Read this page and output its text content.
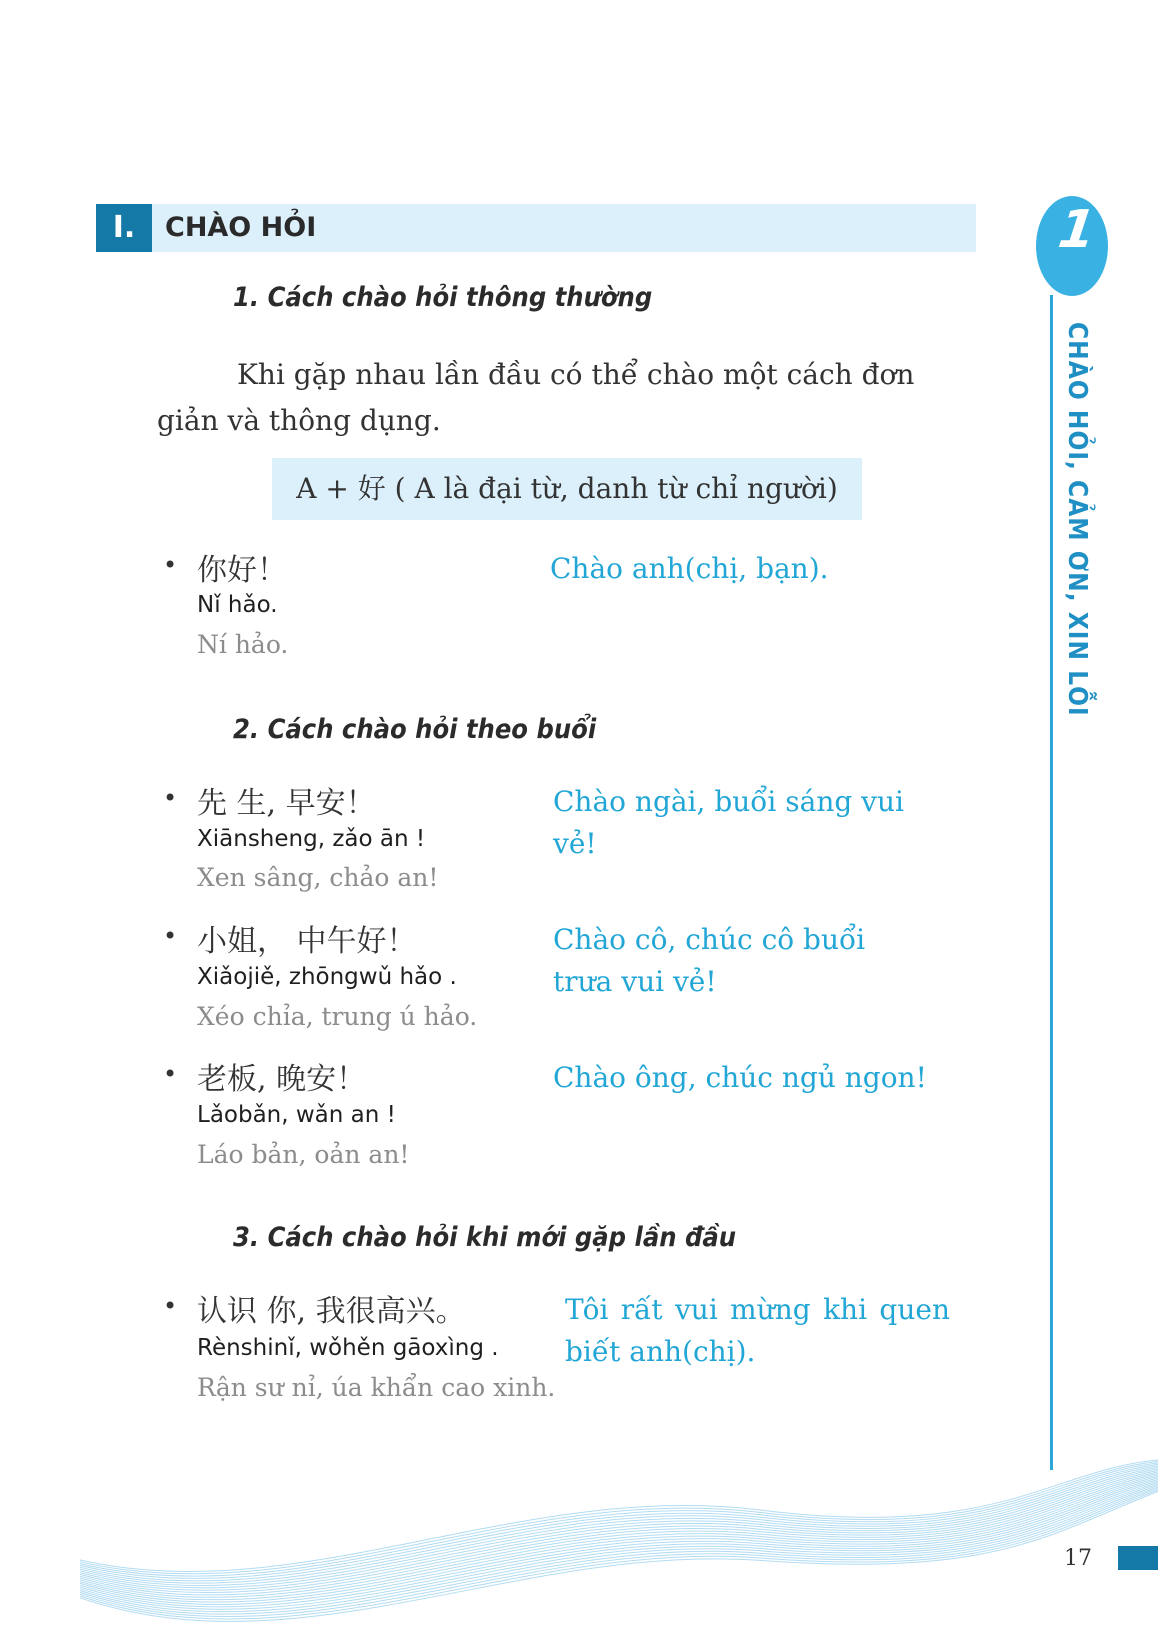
I.	CHÀO HỎI
1. Cách chào hỏi thông thường
Khi gặp nhau lần đầu có thể chào một cách đơn giản và thông dụng.
A + 好 ( A là đại từ, danh từ chỉ người)
• 你好！
Nǐ hǎo.
Ní hảo.
Chào anh(chị, bạn).
2. Cách chào hỏi theo buổi
• 先 生, 早安！
Xiānsheng, zǎo ān !
Xen sâng, chảo an!
Chào ngài, buổi sáng vui vẻ!
• 小姐， 中午好！
Xiǎojiě, zhōngwǔ hǎo .
Xéo chỉa, trung ú hảo.
Chào cô, chúc cô buổi trưa vui vẻ!
• 老板, 晚安！
Lǎobǎn, wǎn an !
Láo bản, oản an!
Chào ông, chúc ngủ ngon!
3. Cách chào hỏi khi mới gặp lần đầu
• 认识 你, 我很高兴。
Rènshinǐ, wǒhěn gāoxìng .
Rận sư nỉ, úa khẩn cao xinh.
Tôi rất vui mừng khi quen biết anh(chị).
1
CHÀO HỎI, CẢM ƠN, XIN LỖI
17
